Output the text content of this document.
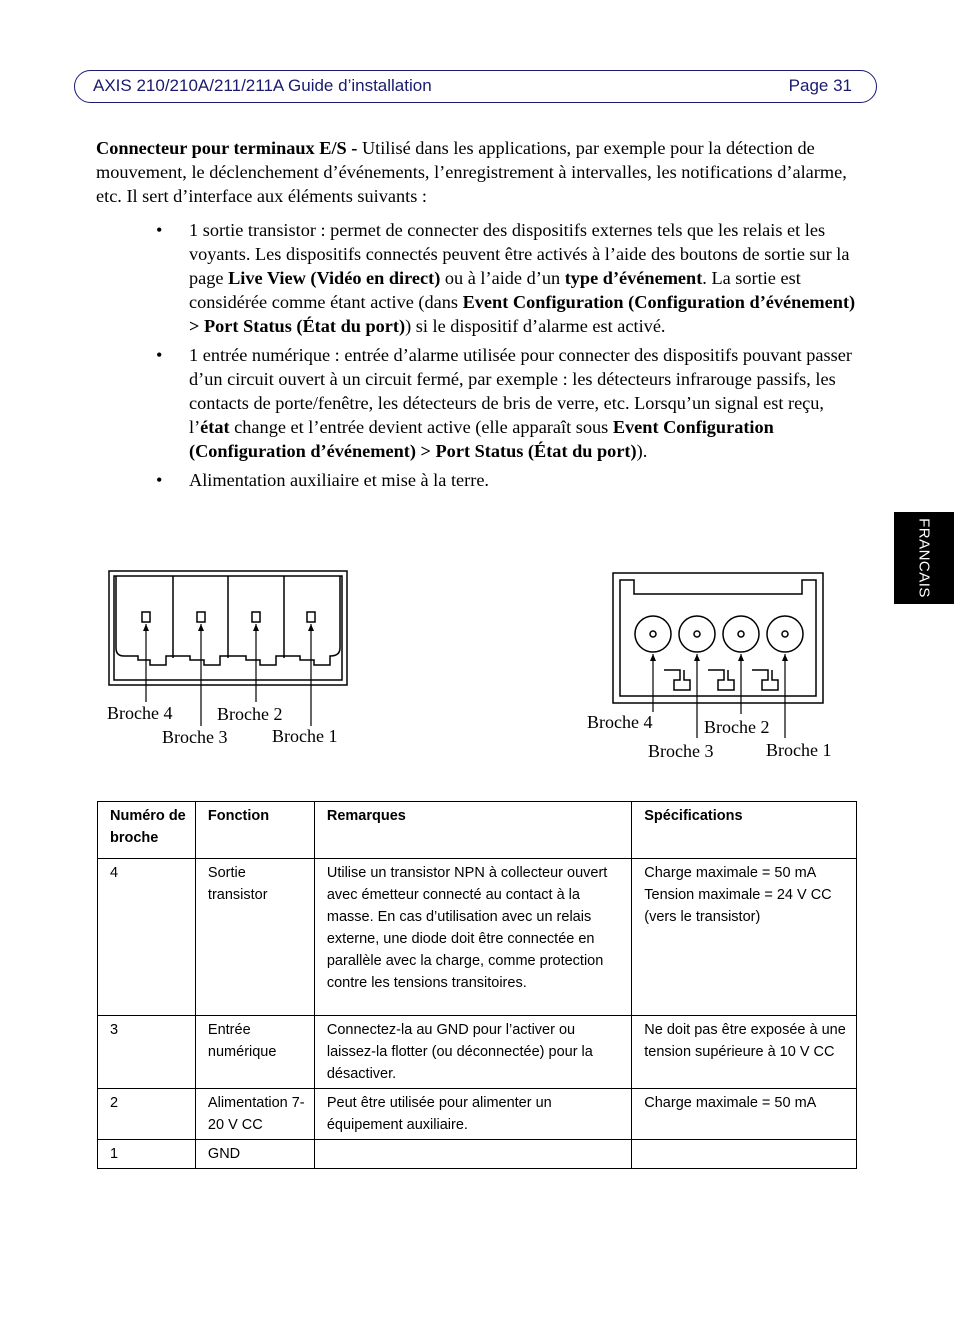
AXIS 210/210A/211/211A Guide d’installation	Page 31
FRANCAIS

Connecteur pour terminaux E/S - Utilisé dans les applications, par exemple pour la détection de mouvement, le déclenchement d’événements, l’enregistrement à intervalles, les notifications d’alarme, etc. Il sert d’interface aux éléments suivants :

• 1 sortie transistor : permet de connecter des dispositifs externes tels que les relais et les voyants. Les dispositifs connectés peuvent être activés à l’aide des boutons de sortie sur la page Live View (Vidéo en direct) ou à l’aide d’un type d’événement. La sortie est considérée comme étant active (dans Event Configuration (Configuration d’événement) > Port Status (État du port)) si le dispositif d’alarme est activé.
• 1 entrée numérique : entrée d’alarme utilisée pour connecter des dispositifs pouvant passer d’un circuit ouvert à un circuit fermé, par exemple : les détecteurs infrarouge passifs, les contacts de porte/fenêtre, les détecteurs de bris de verre, etc. Lorsqu’un signal est reçu, l’état change et l’entrée devient active (elle apparaît sous Event Configuration (Configuration d’événement) > Port Status (État du port)).
• Alimentation auxiliaire et mise à la terre.
Broche 4 Broche 2
Broche 3 Broche 1
Broche 4	Broche 2
Broche 3	Broche 1
Numéro de broche	Fonction	Remarques	Spécifications
4	Sortie transistor	Utilise un transistor NPN à collecteur ouvert avec émetteur connecté au contact à la masse. En cas d’utilisation avec un relais externe, une diode doit être connectée en parallèle avec la charge, comme protection contre les tensions transitoires.	Charge maximale = 50 mA Tension maximale = 24 V CC (vers le transistor)
3	Entrée numérique	Connectez-la au GND pour l’activer ou laissez-la flotter (ou déconnectée) pour la désactiver.	Ne doit pas être exposée à une tension supérieure à 10 V CC
2	Alimentation 7-20 V CC	Peut être utilisée pour alimenter un équipement auxiliaire.	Charge maximale = 50 mA
1	GND		
